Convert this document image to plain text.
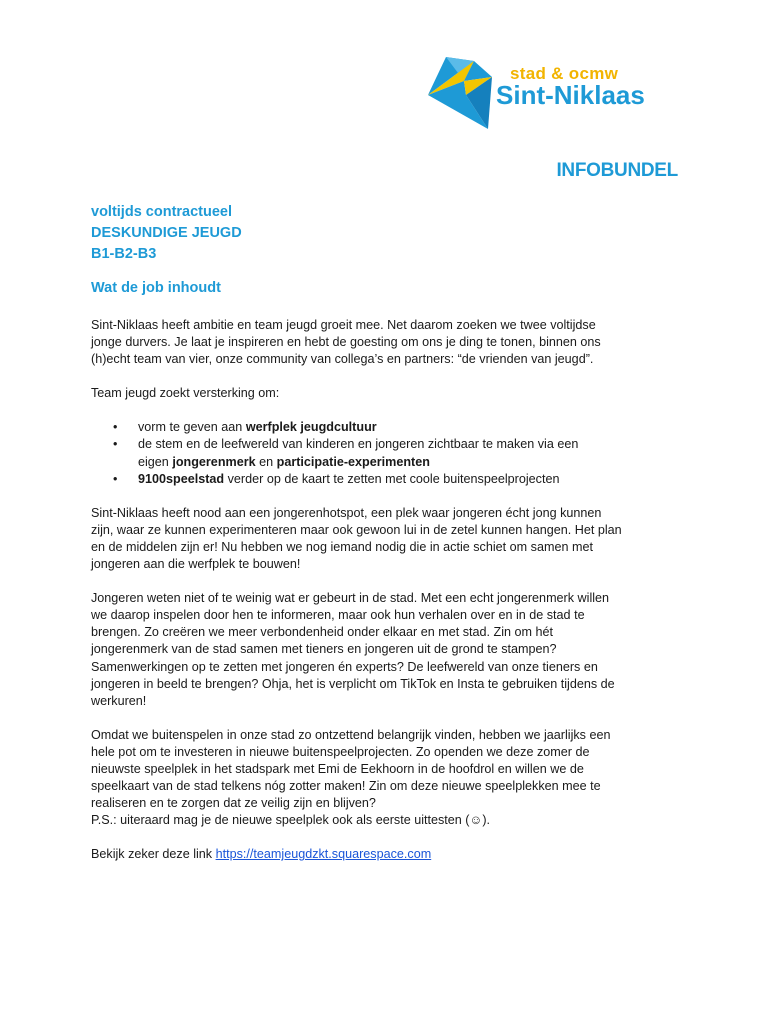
stad & ocmw
Sint-Niklaas
INFOBUNDEL
voltijds contractueel
DESKUNDIGE JEUGD
B1-B2-B3
Wat de job inhoudt

Sint-Niklaas heeft ambitie en team jeugd groeit mee. Net daarom zoeken we twee voltijdse
jonge durvers. Je laat je inspireren en hebt de goesting om ons je ding te tonen, binnen ons
(h)echt team van vier, onze community van collega’s en partners: “de vrienden van jeugd”.

Team jeugd zoekt versterking om:

• vorm te geven aan werfplek jeugdcultuur
• de stem en de leefwereld van kinderen en jongeren zichtbaar te maken via een
eigen jongerenmerk en participatie-experimenten
• 9100speelstad verder op de kaart te zetten met coole buitenspeelprojecten

Sint-Niklaas heeft nood aan een jongerenhotspot, een plek waar jongeren écht jong kunnen
zijn, waar ze kunnen experimenteren maar ook gewoon lui in de zetel kunnen hangen. Het plan
en de middelen zijn er! Nu hebben we nog iemand nodig die in actie schiet om samen met
jongeren aan die werfplek te bouwen!

Jongeren weten niet of te weinig wat er gebeurt in de stad. Met een echt jongerenmerk willen
we daarop inspelen door hen te informeren, maar ook hun verhalen over en in de stad te
brengen. Zo creëren we meer verbondenheid onder elkaar en met stad. Zin om hét
jongerenmerk van de stad samen met tieners en jongeren uit de grond te stampen?
Samenwerkingen op te zetten met jongeren én experts? De leefwereld van onze tieners en
jongeren in beeld te brengen? Ohja, het is verplicht om TikTok en Insta te gebruiken tijdens de
werkuren!

Omdat we buitenspelen in onze stad zo ontzettend belangrijk vinden, hebben we jaarlijks een
hele pot om te investeren in nieuwe buitenspeelprojecten. Zo openden we deze zomer de
nieuwste speelplek in het stadspark met Emi de Eekhoorn in de hoofdrol en willen we de
speelkaart van de stad telkens nóg zotter maken! Zin om deze nieuwe speelplekken mee te
realiseren en te zorgen dat ze veilig zijn en blijven?
P.S.: uiteraard mag je de nieuwe speelplek ook als eerste uittesten (☺).

Bekijk zeker deze link https://teamjeugdzkt.squarespace.com
